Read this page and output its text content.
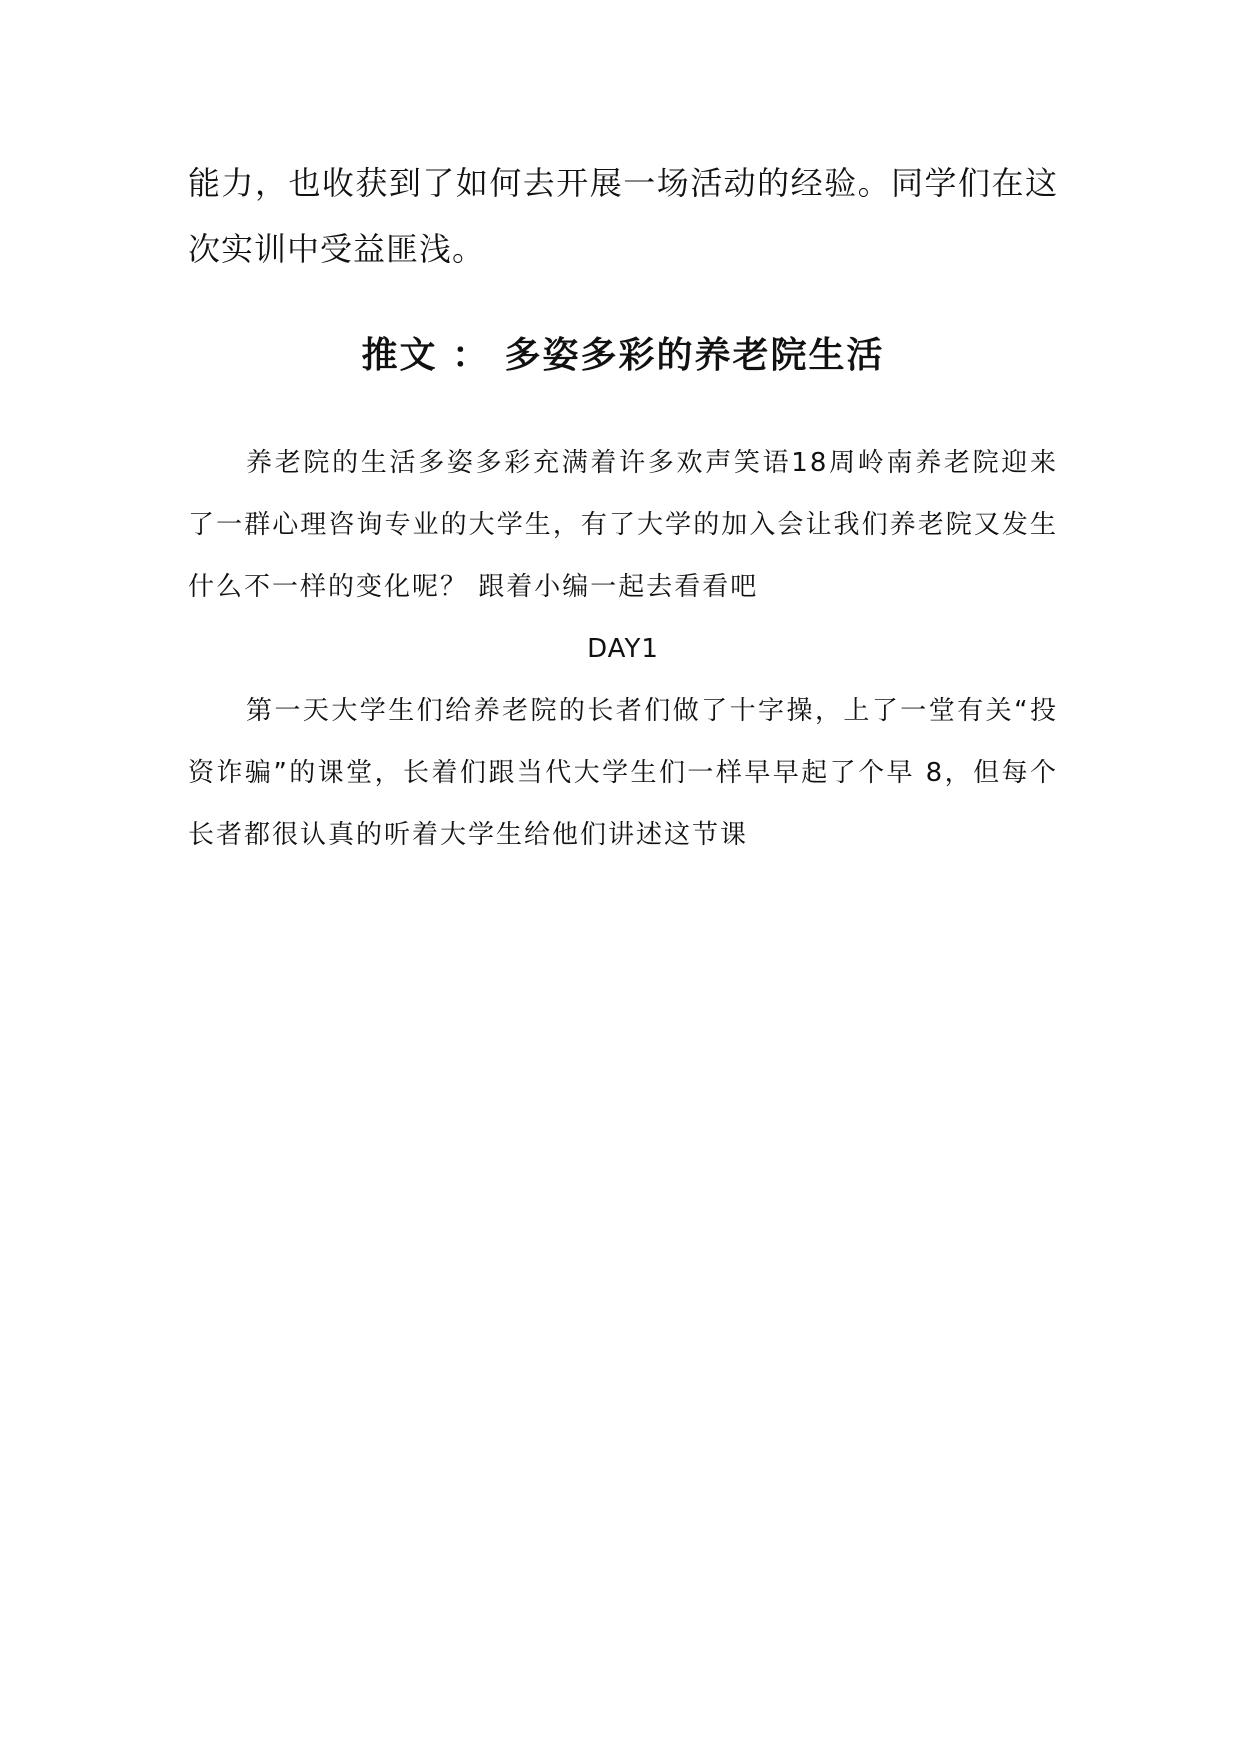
能力，也收获到了如何去开展一场活动的经验。同学们在这次实训中受益匪浅。

推文 ： 多姿多彩的养老院生活

养老院的生活多姿多彩充满着许多欢声笑语18周岭南养老院迎来了一群心理咨询专业的大学生，有了大学的加入会让我们养老院又发生什么不一样的变化呢？ 跟着小编一起去看看吧

DAY1

第一天大学生们给养老院的长者们做了十字操，上了一堂有关“投资诈骗”的课堂，长着们跟当代大学生们一样早早起了个早 8，但每个长者都很认真的听着大学生给他们讲述这节课
